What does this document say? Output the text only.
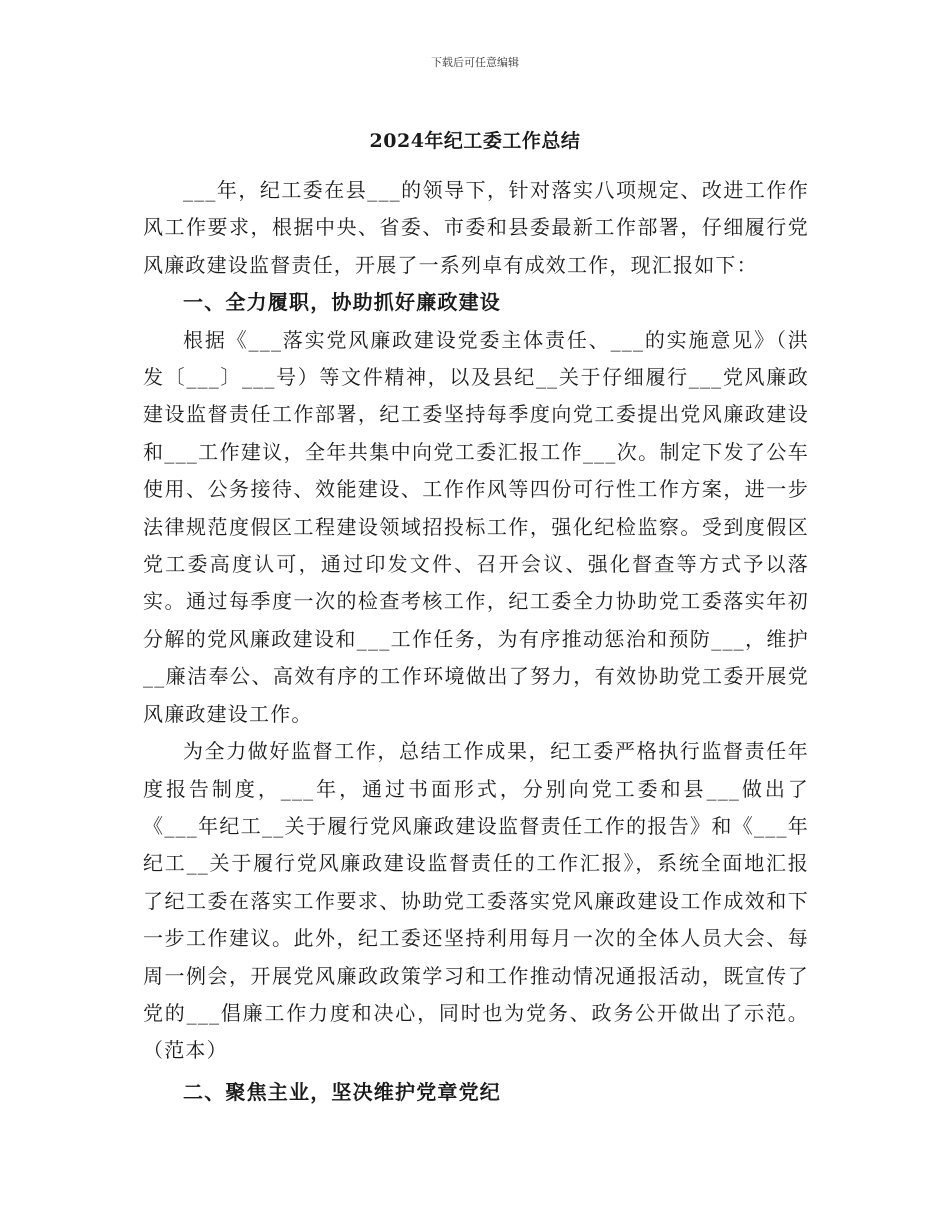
下载后可任意编辑
2024年纪工委工作总结

___年，纪工委在县___的领导下，针对落实八项规定、改进工作作风工作要求，根据中央、省委、市委和县委最新工作部署，仔细履行党风廉政建设监督责任，开展了一系列卓有成效工作，现汇报如下：

一、全力履职，协助抓好廉政建设

根据《___落实党风廉政建设党委主体责任、___的实施意见》（洪发〔___〕___号）等文件精神，以及县纪__关于仔细履行___党风廉政建设监督责任工作部署，纪工委坚持每季度向党工委提出党风廉政建设和___工作建议，全年共集中向党工委汇报工作___次。制定下发了公车使用、公务接待、效能建设、工作作风等四份可行性工作方案，进一步法律规范度假区工程建设领域招投标工作，强化纪检监察。受到度假区党工委高度认可，通过印发文件、召开会议、强化督查等方式予以落实。通过每季度一次的检查考核工作，纪工委全力协助党工委落实年初分解的党风廉政建设和___工作任务，为有序推动惩治和预防___，维护__廉洁奉公、高效有序的工作环境做出了努力，有效协助党工委开展党风廉政建设工作。

为全力做好监督工作，总结工作成果，纪工委严格执行监督责任年度报告制度，___年，通过书面形式，分别向党工委和县___做出了《___年纪工__关于履行党风廉政建设监督责任工作的报告》和《___年纪工__关于履行党风廉政建设监督责任的工作汇报》，系统全面地汇报了纪工委在落实工作要求、协助党工委落实党风廉政建设工作成效和下一步工作建议。此外，纪工委还坚持利用每月一次的全体人员大会、每周一例会，开展党风廉政政策学习和工作推动情况通报活动，既宣传了党的___倡廉工作力度和决心，同时也为党务、政务公开做出了示范。（范本）

二、聚焦主业，坚决维护党章党纪
